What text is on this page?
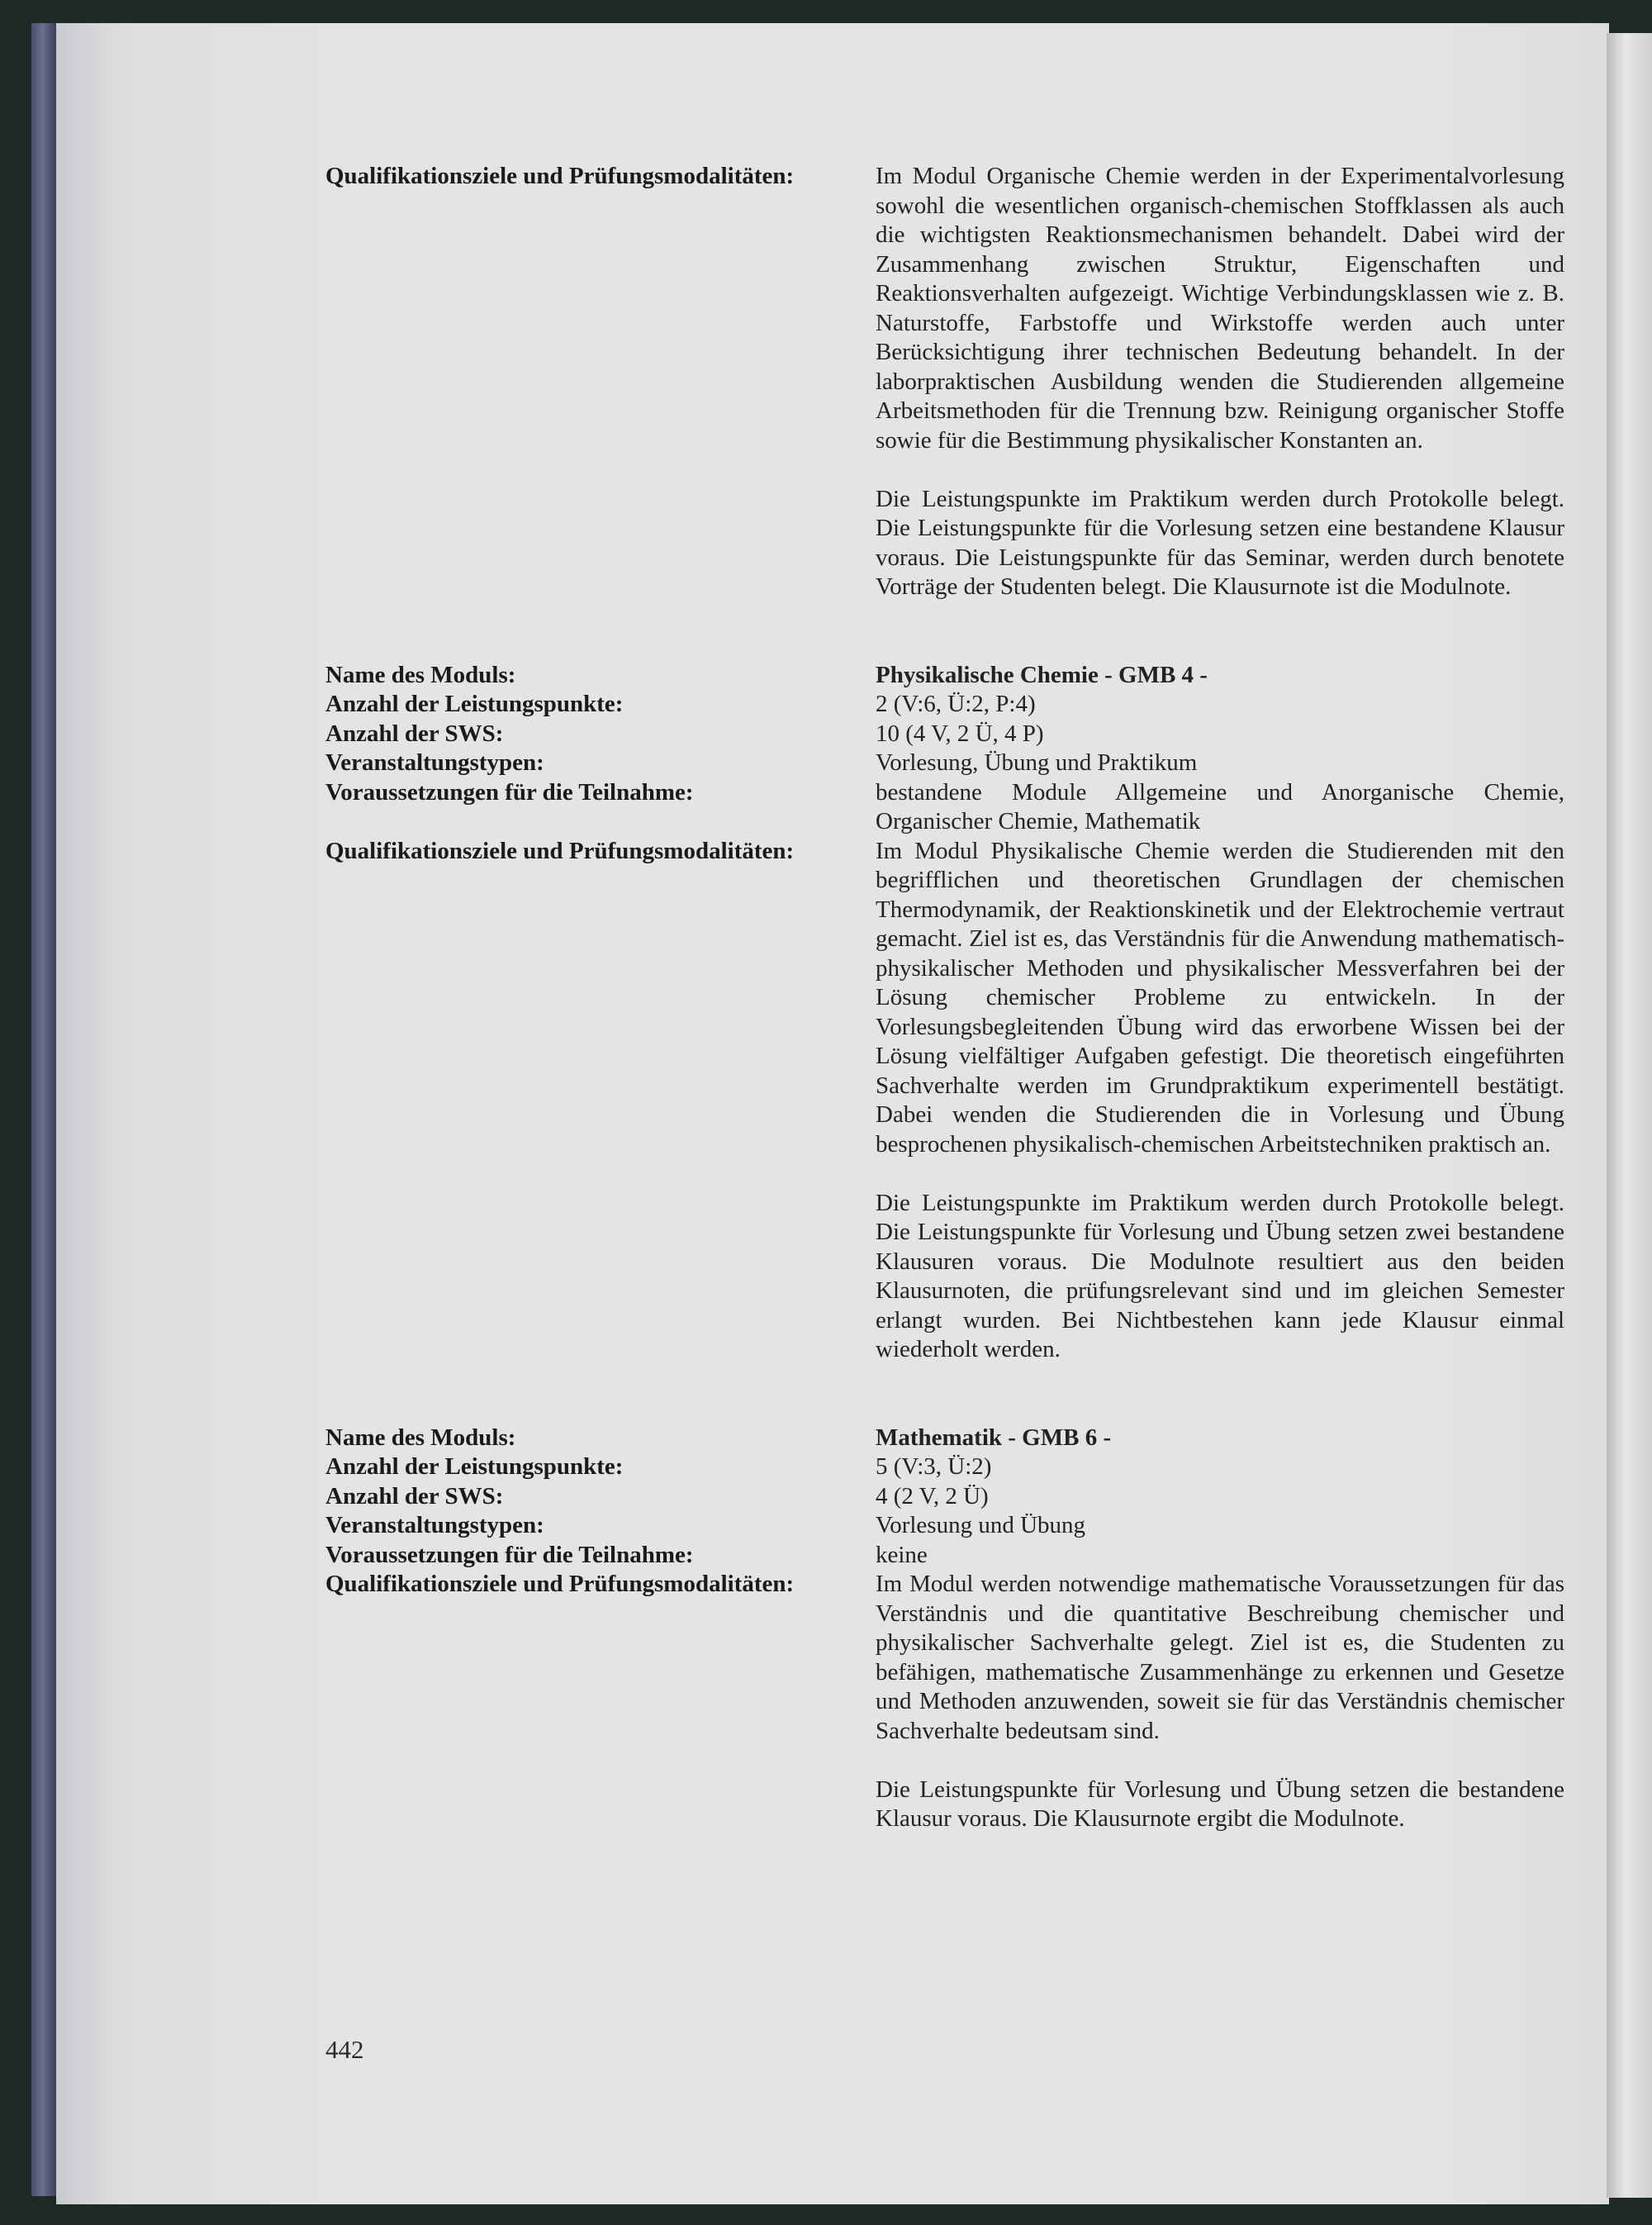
Qualifikationsziele und Prüfungsmodalitäten:	Im Modul Organische Chemie werden in der Experimentalvorlesung sowohl die wesentlichen organisch-chemischen Stoffklassen als auch die wichtigsten Reaktionsmechanismen behandelt. Dabei wird der Zusammenhang zwischen Struktur, Eigenschaften und Reaktionsverhalten aufgezeigt. Wichtige Verbindungsklassen wie z. B. Naturstoffe, Farbstoffe und Wirkstoffe werden auch unter Berücksichtigung ihrer technischen Bedeutung behandelt. In der laborpraktischen Ausbildung wenden die Studierenden allgemeine Arbeitsmethoden für die Trennung bzw. Reinigung organischer Stoffe sowie für die Bestimmung physikalischer Konstanten an.
Die Leistungspunkte im Praktikum werden durch Protokolle belegt. Die Leistungspunkte für die Vorlesung setzen eine bestandene Klausur voraus. Die Leistungspunkte für das Seminar, werden durch benotete Vorträge der Studenten belegt. Die Klausurnote ist die Modulnote.
Name des Moduls:	Physikalische Chemie - GMB 4 -
Anzahl der Leistungspunkte:	2 (V:6, Ü:2, P:4)
Anzahl der SWS:	10 (4 V, 2 Ü, 4 P)
Veranstaltungstypen:	Vorlesung, Übung und Praktikum
Voraussetzungen für die Teilnahme:	bestandene Module Allgemeine und Anorganische Chemie, Organischer Chemie, Mathematik
Qualifikationsziele und Prüfungsmodalitäten:	Im Modul Physikalische Chemie werden die Studierenden mit den begrifflichen und theoretischen Grundlagen der chemischen Thermodynamik, der Reaktionskinetik und der Elektrochemie vertraut gemacht. Ziel ist es, das Verständnis für die Anwendung mathematisch-physikalischer Methoden und physikalischer Messverfahren bei der Lösung chemischer Probleme zu entwickeln. In der Vorlesungsbegleitenden Übung wird das erworbene Wissen bei der Lösung vielfältiger Aufgaben gefestigt. Die theoretisch eingeführten Sachverhalte werden im Grundpraktikum experimentell bestätigt. Dabei wenden die Studierenden die in Vorlesung und Übung besprochenen physikalisch-chemischen Arbeitstechniken praktisch an.
Die Leistungspunkte im Praktikum werden durch Protokolle belegt. Die Leistungspunkte für Vorlesung und Übung setzen zwei bestandene Klausuren voraus. Die Modulnote resultiert aus den beiden Klausurnoten, die prüfungsrelevant sind und im gleichen Semester erlangt wurden. Bei Nichtbestehen kann jede Klausur einmal wiederholt werden.
Name des Moduls:	Mathematik - GMB 6 -
Anzahl der Leistungspunkte:	5 (V:3, Ü:2)
Anzahl der SWS:	4 (2 V, 2 Ü)
Veranstaltungstypen:	Vorlesung und Übung
Voraussetzungen für die Teilnahme:	keine
Qualifikationsziele und Prüfungsmodalitäten:	Im Modul werden notwendige mathematische Voraussetzungen für das Verständnis und die quantitative Beschreibung chemischer und physikalischer Sachverhalte gelegt. Ziel ist es, die Studenten zu befähigen, mathematische Zusammenhänge zu erkennen und Gesetze und Methoden anzuwenden, soweit sie für das Verständnis chemischer Sachverhalte bedeutsam sind.
Die Leistungspunkte für Vorlesung und Übung setzen die bestandene Klausur voraus. Die Klausurnote ergibt die Modulnote.
442
